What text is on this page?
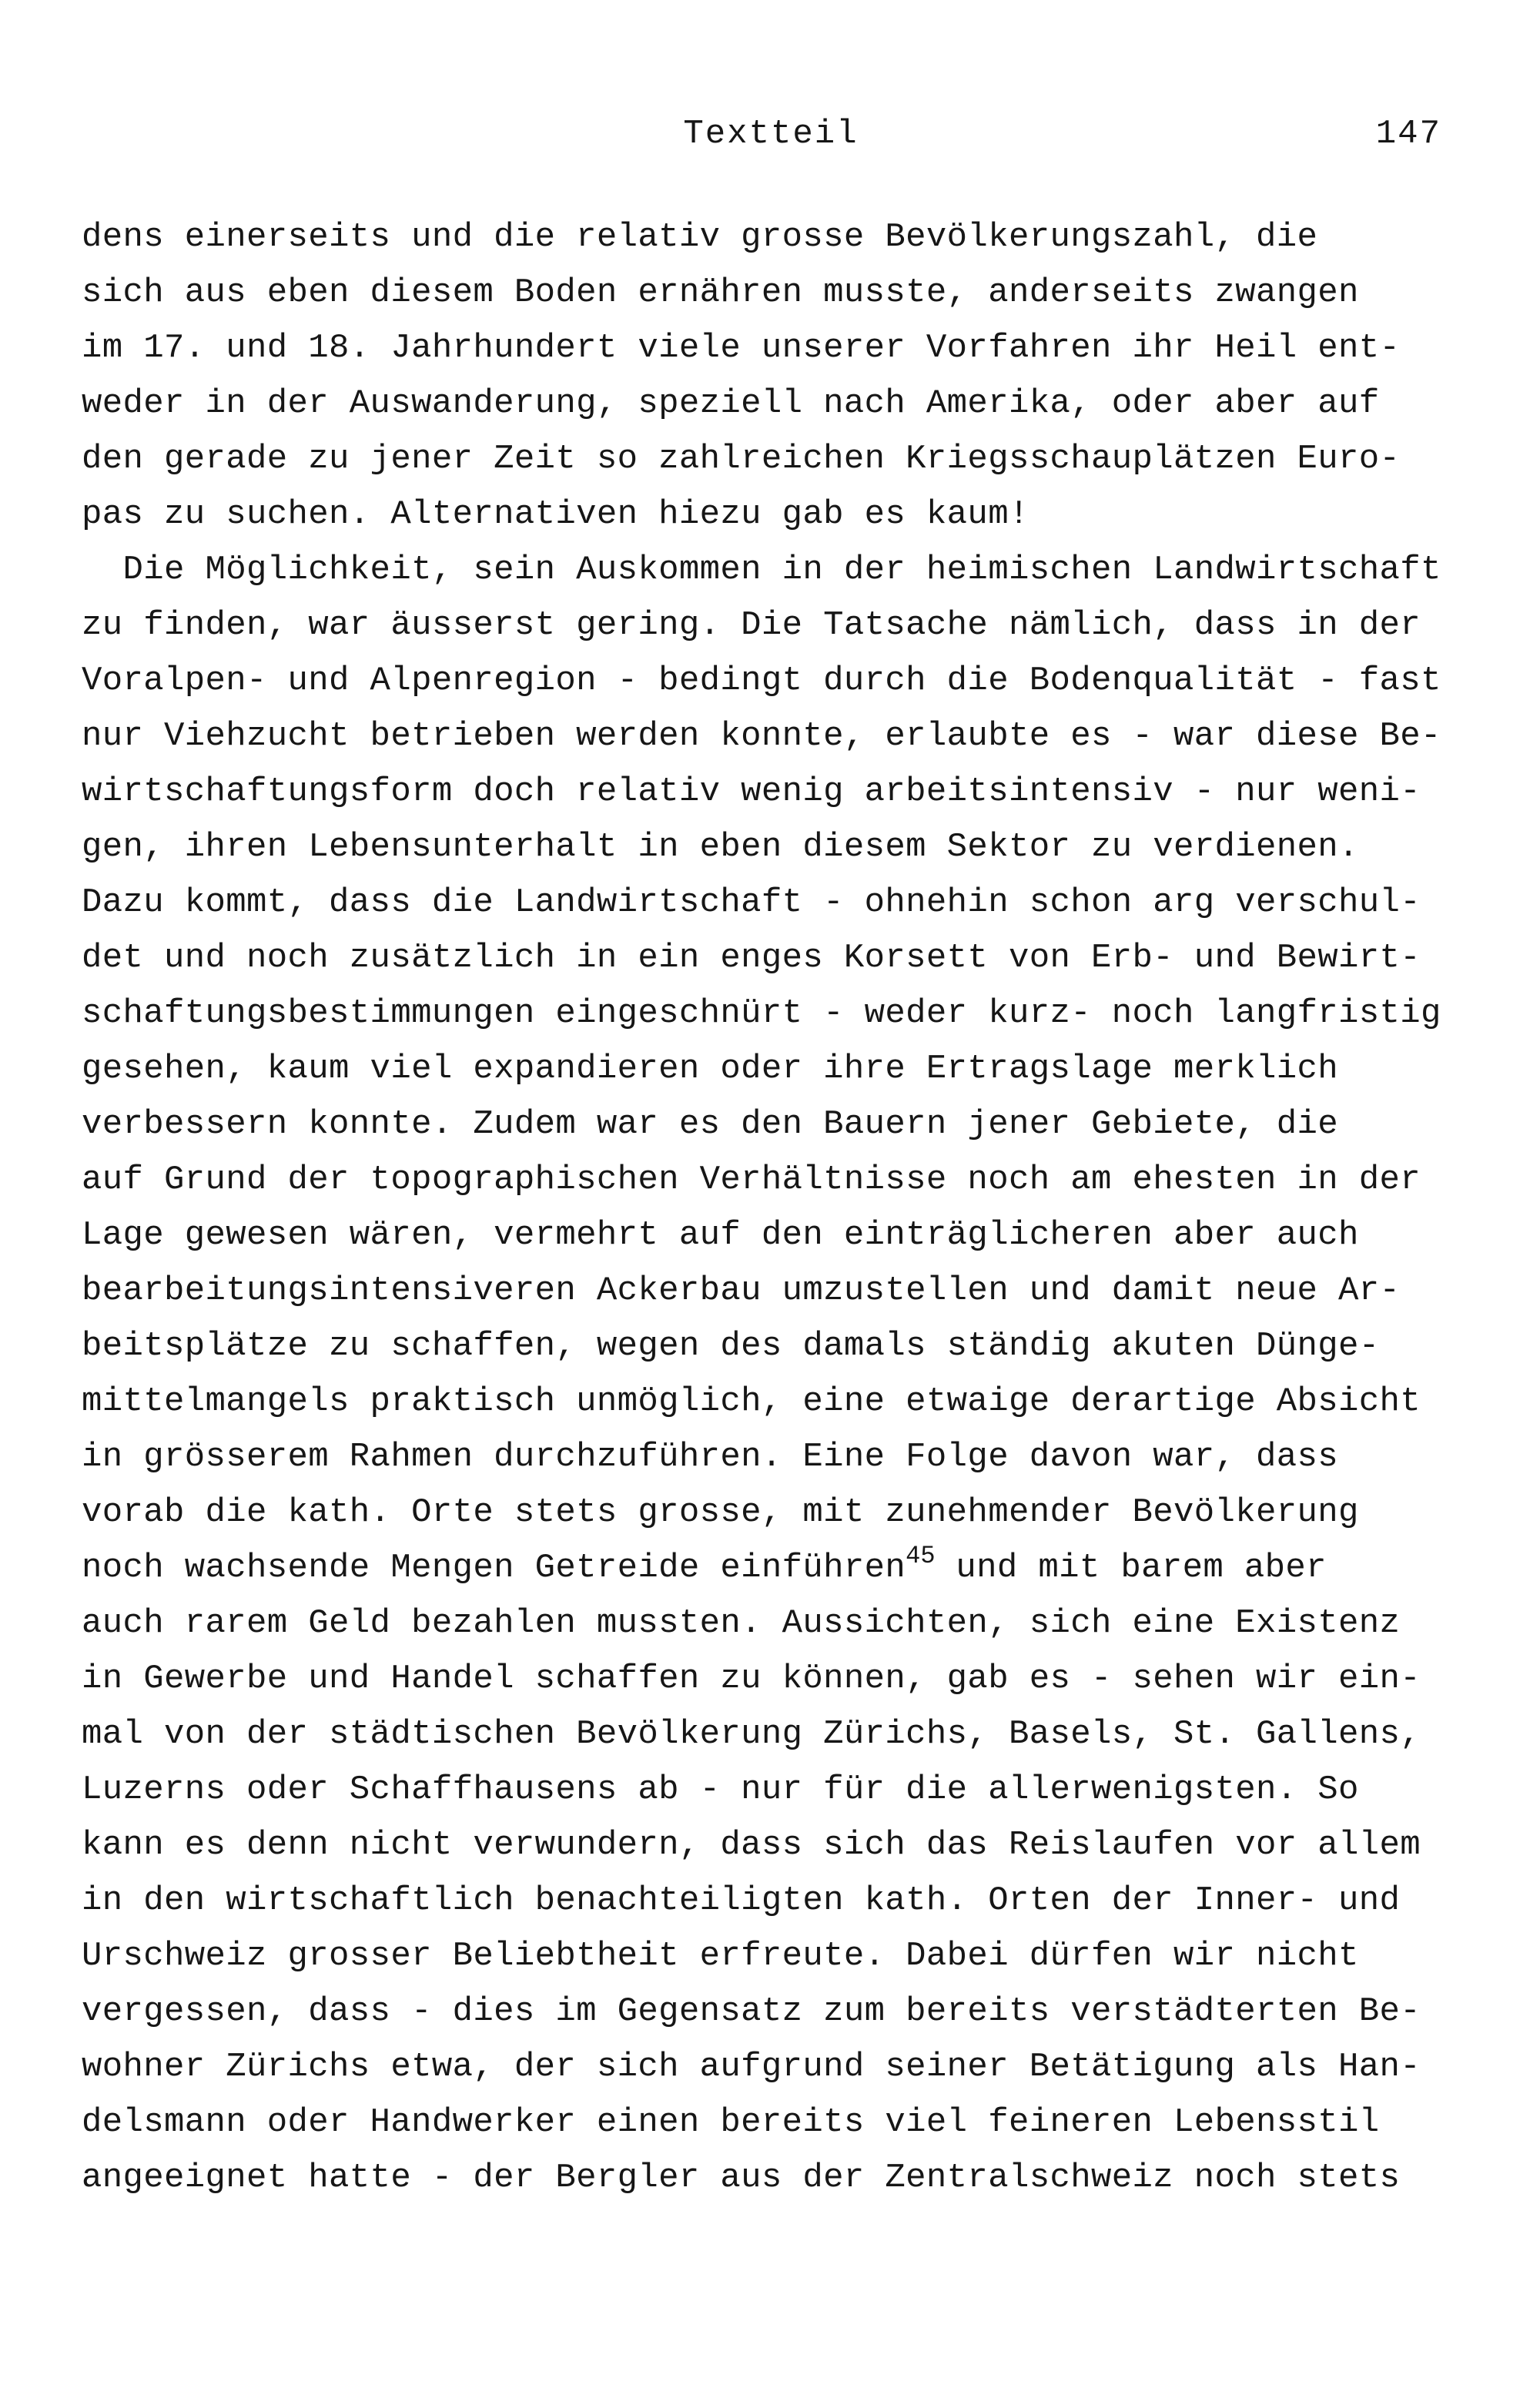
Textteil	147
dens einerseits und die relativ grosse Bevölkerungszahl, die
sich aus eben diesem Boden ernähren musste, anderseits zwangen
im 17. und 18. Jahrhundert viele unserer Vorfahren ihr Heil ent-
weder in der Auswanderung, speziell nach Amerika, oder aber auf
den gerade zu jener Zeit so zahlreichen Kriegsschauplätzen Euro-
pas zu suchen. Alternativen hiezu gab es kaum!
Die Möglichkeit, sein Auskommen in der heimischen Landwirtschaft
zu finden, war äusserst gering. Die Tatsache nämlich, dass in der
Voralpen- und Alpenregion - bedingt durch die Bodenqualität - fast
nur Viehzucht betrieben werden konnte, erlaubte es - war diese Be-
wirtschaftungsform doch relativ wenig arbeitsintensiv - nur weni-
gen, ihren Lebensunterhalt in eben diesem Sektor zu verdienen.
Dazu kommt, dass die Landwirtschaft - ohnehin schon arg verschul-
det und noch zusätzlich in ein enges Korsett von Erb- und Bewirt-
schaftungsbestimmungen eingeschnürt - weder kurz- noch langfristig
gesehen, kaum viel expandieren oder ihre Ertragslage merklich
verbessern konnte. Zudem war es den Bauern jener Gebiete, die
auf Grund der topographischen Verhältnisse noch am ehesten in der
Lage gewesen wären, vermehrt auf den einträglicheren aber auch
bearbeitungsintensiveren Ackerbau umzustellen und damit neue Ar-
beitsplätze zu schaffen, wegen des damals ständig akuten Dünge-
mittelmangels praktisch unmöglich, eine etwaige derartige Absicht
in grösserem Rahmen durchzuführen. Eine Folge davon war, dass
vorab die kath. Orte stets grosse, mit zunehmender Bevölkerung
noch wachsende Mengen Getreide einführen$^{45}$ und mit barem aber
auch rarem Geld bezahlen mussten. Aussichten, sich eine Existenz
in Gewerbe und Handel schaffen zu können, gab es - sehen wir ein-
mal von der städtischen Bevölkerung Zürichs, Basels, St. Gallens,
Luzerns oder Schaffhausens ab - nur für die allerwenigsten. So
kann es denn nicht verwundern, dass sich das Reislaufen vor allem
in den wirtschaftlich benachteiligten kath. Orten der Inner- und
Urschweiz grosser Beliebtheit erfreute. Dabei dürfen wir nicht
vergessen, dass - dies im Gegensatz zum bereits verstädterten Be-
wohner Zürichs etwa, der sich aufgrund seiner Betätigung als Han-
delsmann oder Handwerker einen bereits viel feineren Lebensstil
angeeignet hatte - der Bergler aus der Zentralschweiz noch stets
